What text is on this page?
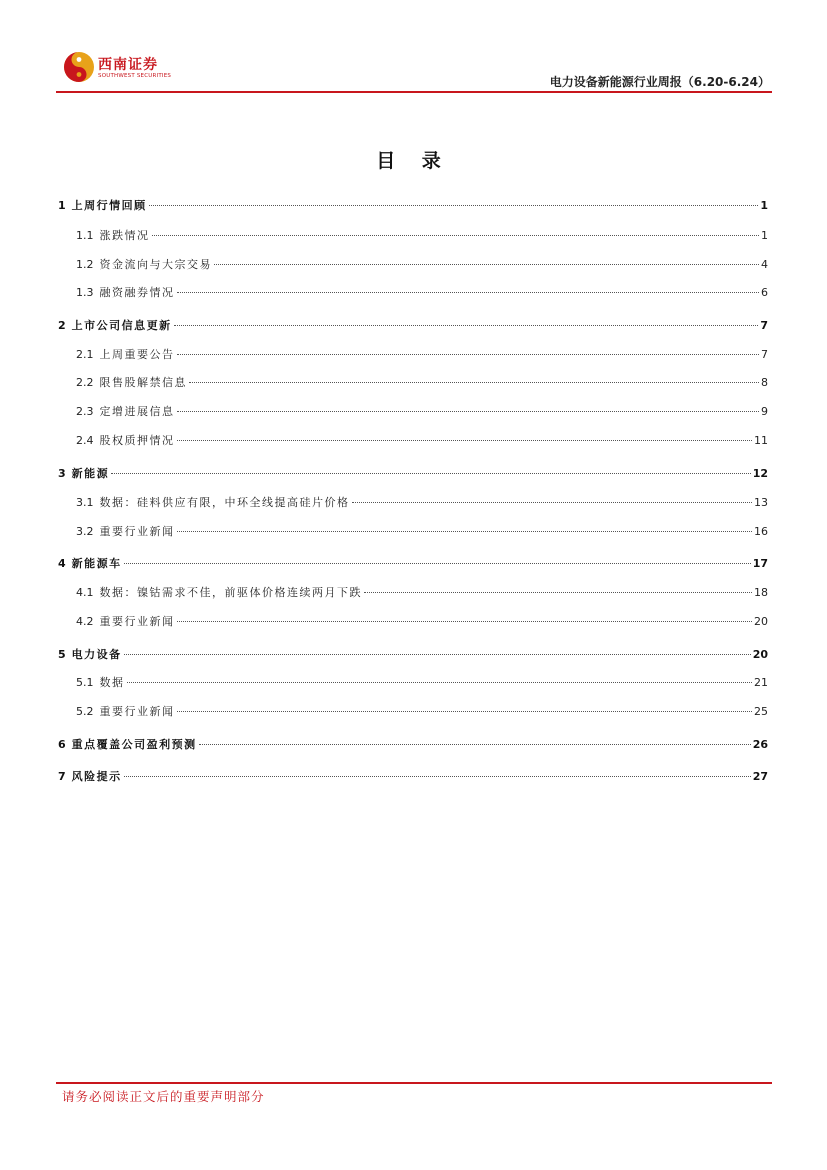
西南证券
SOUTHWEST SECURITIES	电力设备新能源行业周报（6.20-6.24）
目 录
1 上周行情回顾	1
1.1 涨跌情况	1
1.2 资金流向与大宗交易	4
1.3 融资融券情况	6
2 上市公司信息更新	7
2.1 上周重要公告	7
2.2 限售股解禁信息	8
2.3 定增进展信息	9
2.4 股权质押情况	11
3 新能源	12
3.1 数据：硅料供应有限，中环全线提高硅片价格	13
3.2 重要行业新闻	16
4 新能源车	17
4.1 数据：镍钴需求不佳，前驱体价格连续两月下跌	18
4.2 重要行业新闻	20
5 电力设备	20
5.1 数据	21
5.2 重要行业新闻	25
6 重点覆盖公司盈利预测	26
7 风险提示	27
请务必阅读正文后的重要声明部分
